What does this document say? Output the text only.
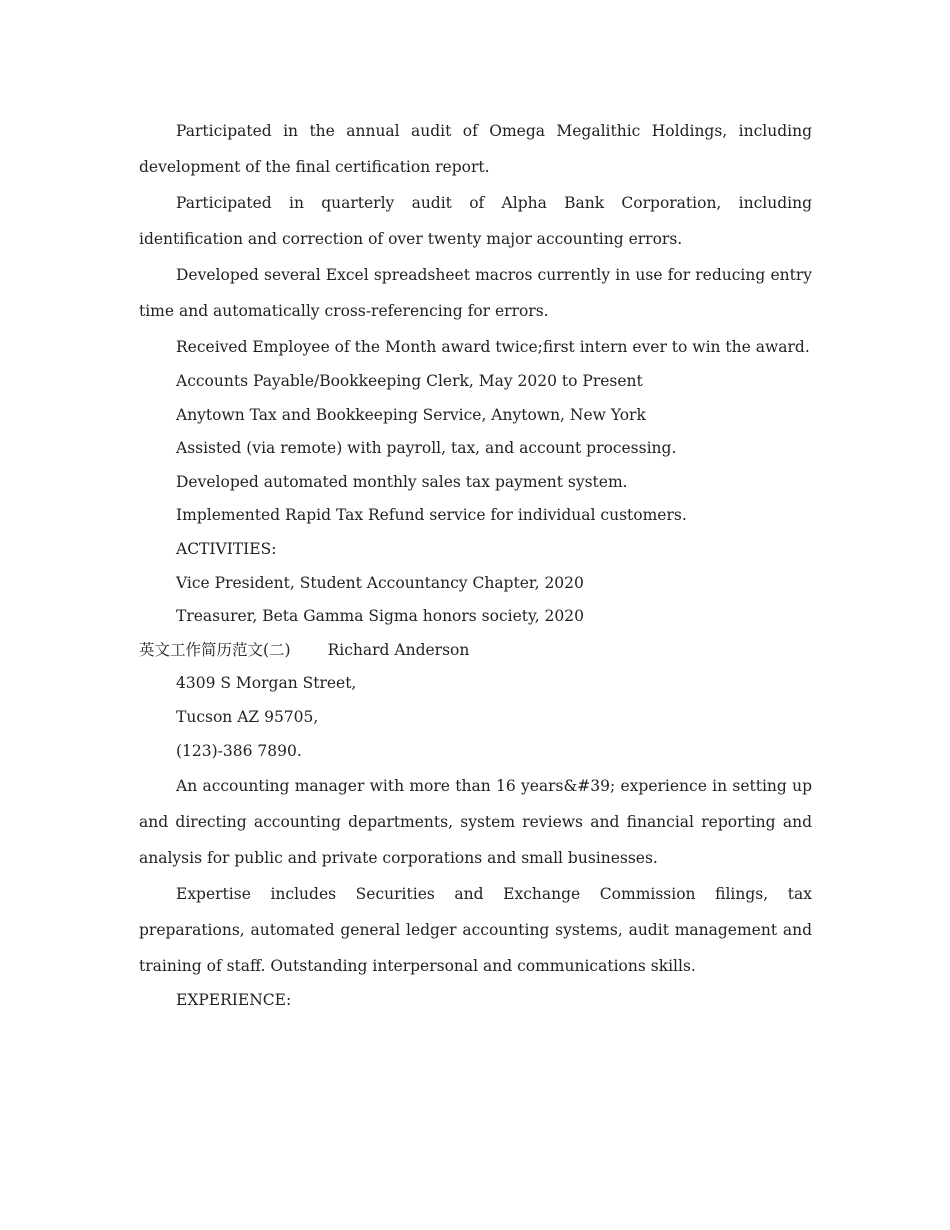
Participated in the annual audit of Omega Megalithic Holdings, including development of the final certification report.

Participated in quarterly audit of Alpha Bank Corporation, including identification and correction of over twenty major accounting errors.

Developed several Excel spreadsheet macros currently in use for reducing entry time and automatically cross-referencing for errors.

Received Employee of the Month award twice;first intern ever to win the award.

Accounts Payable/Bookkeeping Clerk, May 2020 to Present
Anytown Tax and Bookkeeping Service, Anytown, New York
Assisted (via remote) with payroll, tax, and account processing.
Developed automated monthly sales tax payment system.
Implemented Rapid Tax Refund service for individual customers.
ACTIVITIES:
Vice President, Student Accountancy Chapter, 2020
Treasurer, Beta Gamma Sigma honors society, 2020
英文工作简历范文(二) Richard Anderson
4309 S Morgan Street,
Tucson AZ 95705,
(123)-386 7890.

An accounting manager with more than 16 years&#39; experience in setting up and directing accounting departments, system reviews and financial reporting and analysis for public and private corporations and small businesses.

Expertise includes Securities and Exchange Commission filings, tax preparations, automated general ledger accounting systems, audit management and training of staff. Outstanding interpersonal and communications skills.

EXPERIENCE:
